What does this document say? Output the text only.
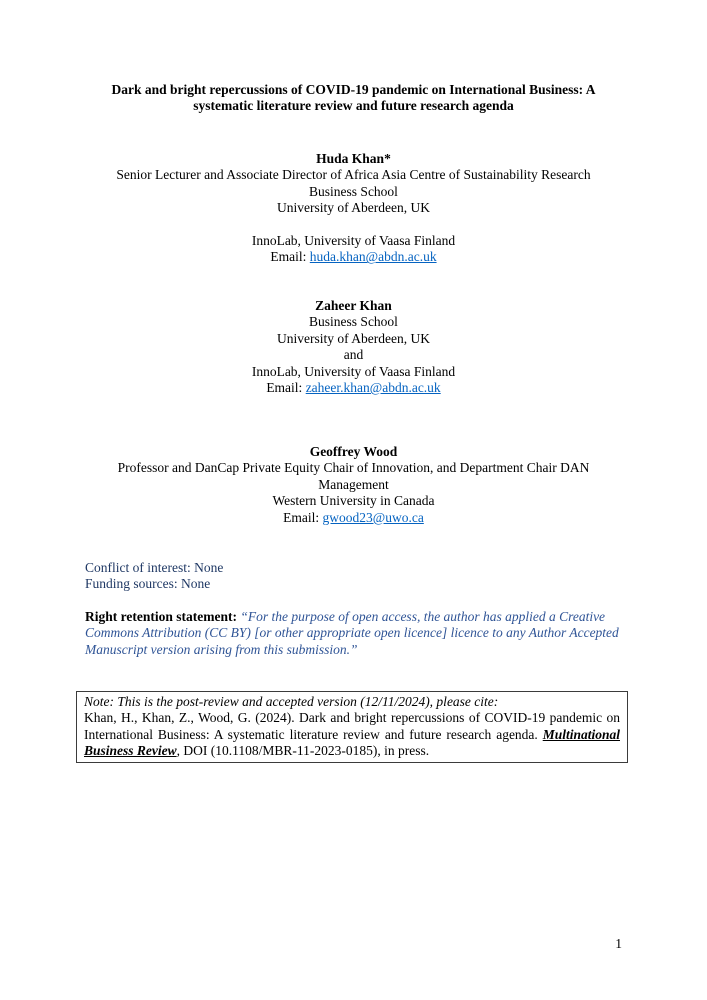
Dark and bright repercussions of COVID-19 pandemic on International Business: A systematic literature review and future research agenda
Huda Khan*
Senior Lecturer and Associate Director of Africa Asia Centre of Sustainability Research
Business School
University of Aberdeen, UK
InnoLab, University of Vaasa Finland
Email: huda.khan@abdn.ac.uk
Zaheer Khan
Business School
University of Aberdeen, UK
and
InnoLab, University of Vaasa Finland
Email: zaheer.khan@abdn.ac.uk
Geoffrey Wood
Professor and DanCap Private Equity Chair of Innovation, and Department Chair DAN Management
Western University in Canada
Email: gwood23@uwo.ca
Conflict of interest: None
Funding sources: None
Right retention statement: “For the purpose of open access, the author has applied a Creative Commons Attribution (CC BY) [or other appropriate open licence] licence to any Author Accepted Manuscript version arising from this submission.”
Note: This is the post-review and accepted version (12/11/2024), please cite:
Khan, H., Khan, Z., Wood, G. (2024). Dark and bright repercussions of COVID-19 pandemic on International Business: A systematic literature review and future research agenda. Multinational Business Review, DOI (10.1108/MBR-11-2023-0185), in press.
1
